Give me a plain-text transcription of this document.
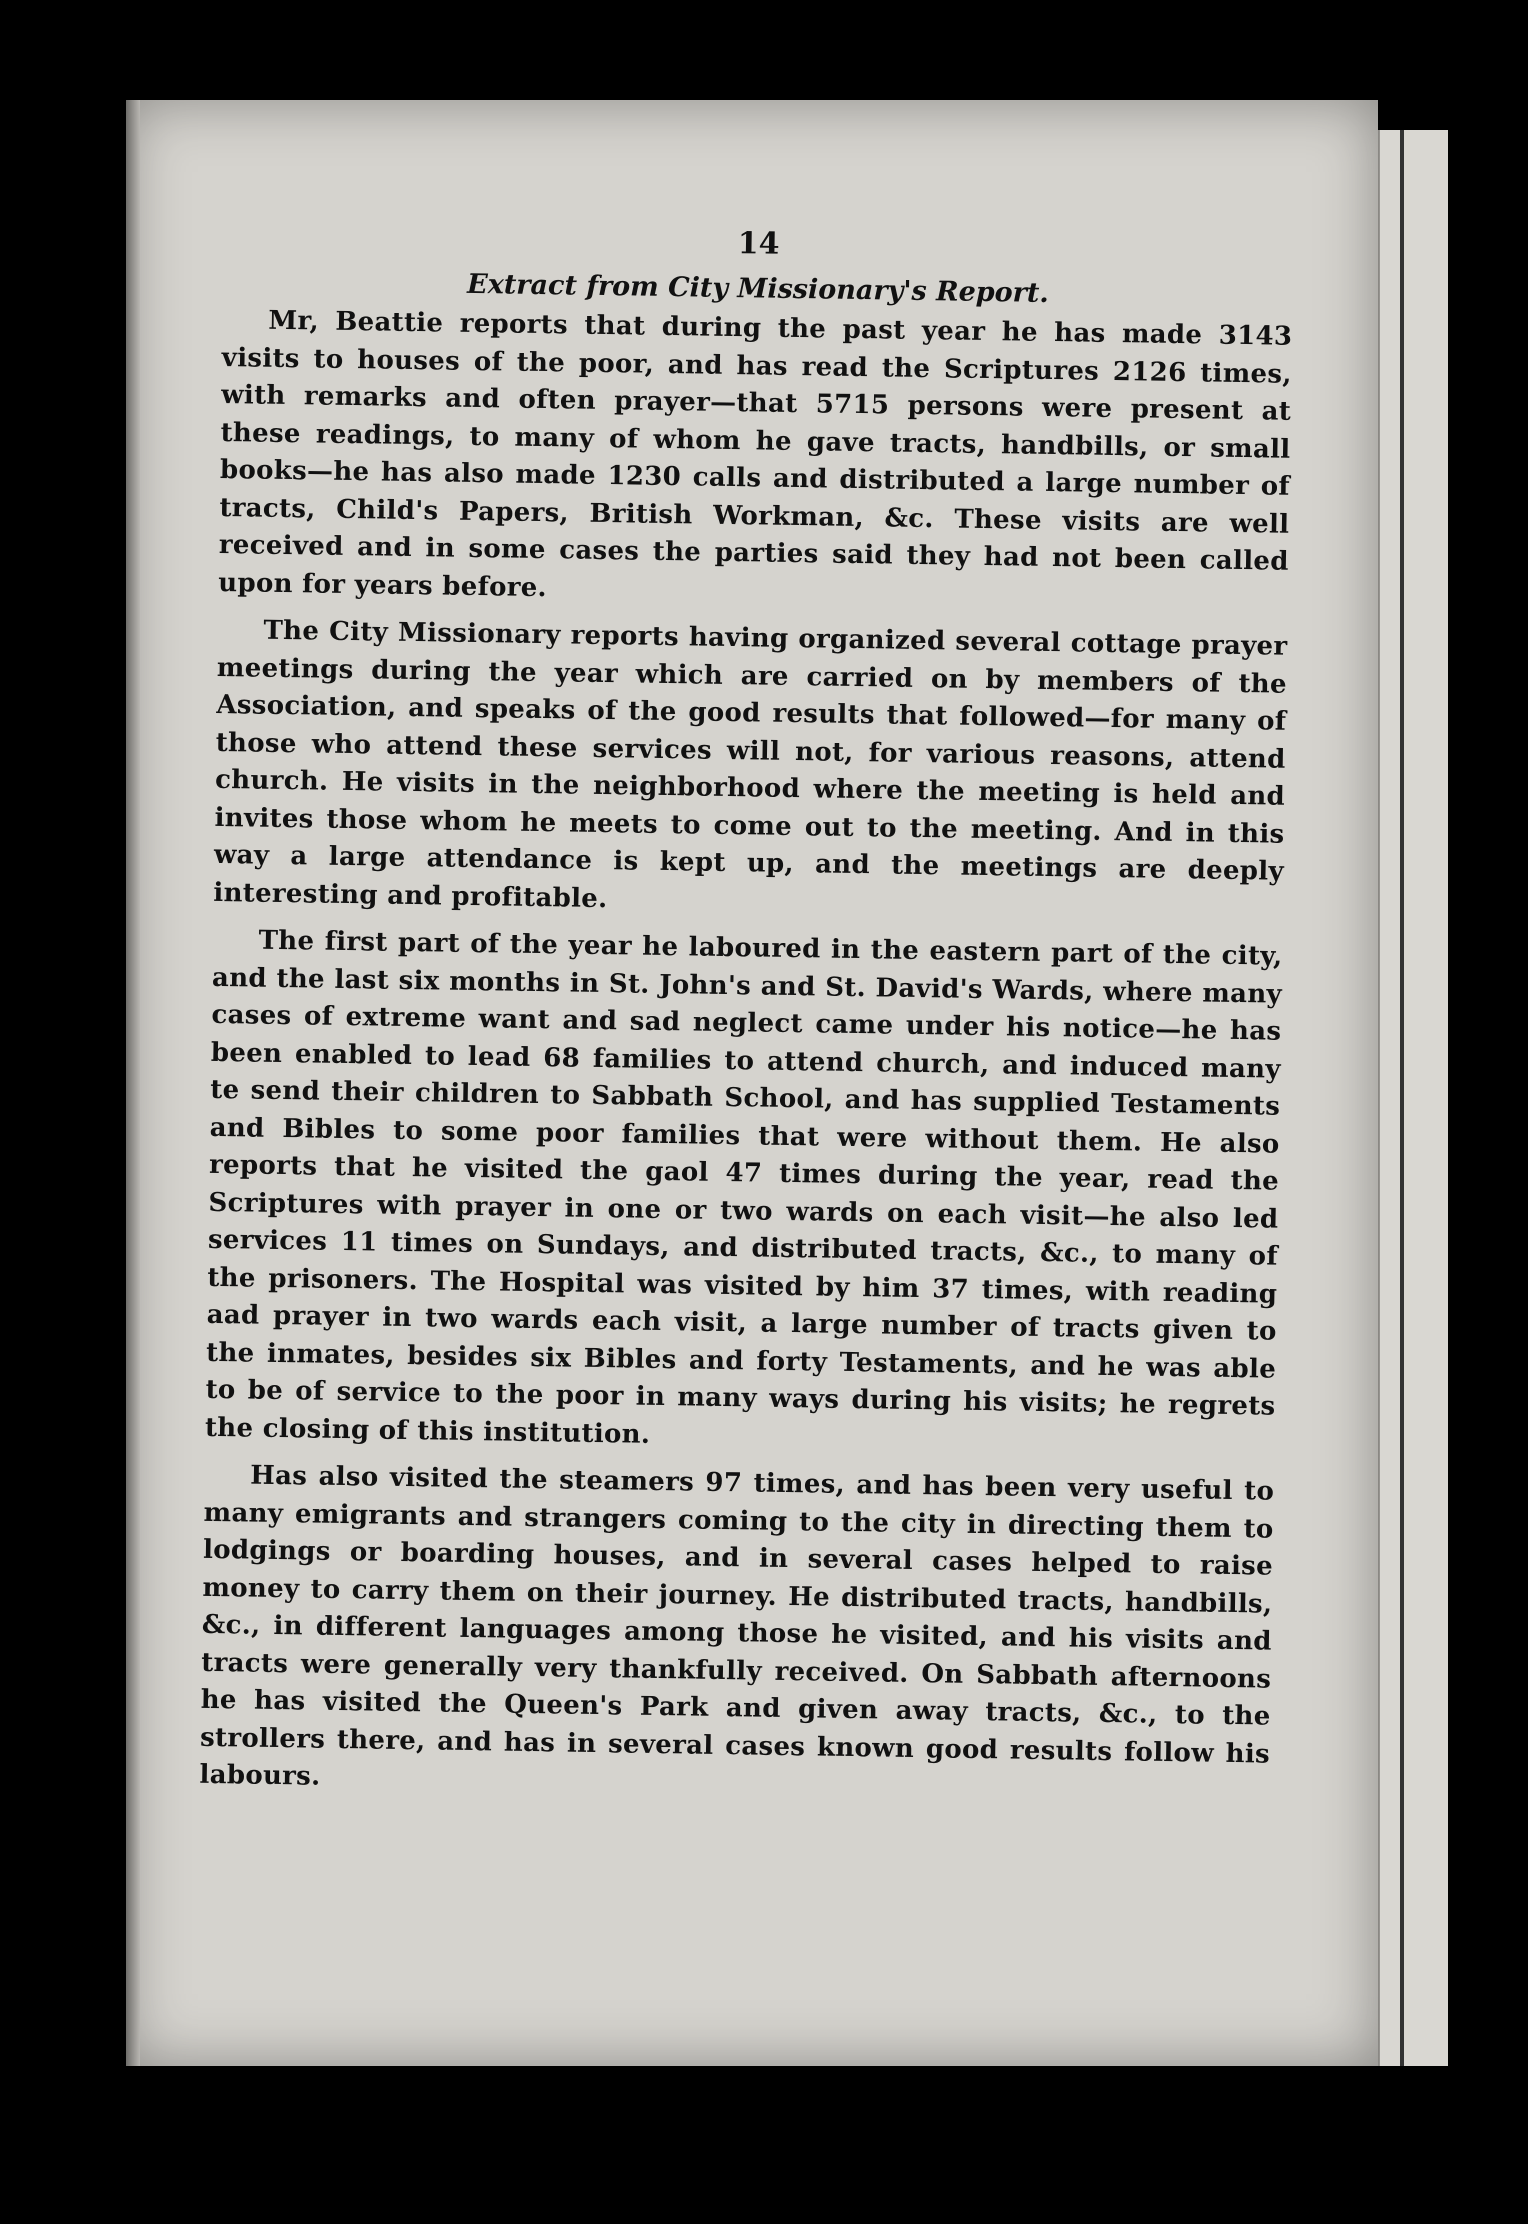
14
Extract from City Missionary's Report.

Mr, Beattie reports that during the past year he has made 3143 visits to houses of the poor, and has read the Scriptures 2126 times, with remarks and often prayer—that 5715 persons were present at these readings, to many of whom he gave tracts, handbills, or small books—he has also made 1230 calls and distributed a large number of tracts, Child's Papers, British Workman, &c. These visits are well received and in some cases the parties said they had not been called upon for years before.

The City Missionary reports having organized several cottage prayer meetings during the year which are carried on by members of the Association, and speaks of the good results that followed—for many of those who attend these services will not, for various reasons, attend church. He visits in the neighborhood where the meeting is held and invites those whom he meets to come out to the meeting. And in this way a large attendance is kept up, and the meetings are deeply interesting and profitable.

The first part of the year he laboured in the eastern part of the city, and the last six months in St. John's and St. David's Wards, where many cases of extreme want and sad neglect came under his notice—he has been enabled to lead 68 families to attend church, and induced many te send their children to Sabbath School, and has supplied Testaments and Bibles to some poor families that were without them. He also reports that he visited the gaol 47 times during the year, read the Scriptures with prayer in one or two wards on each visit—he also led services 11 times on Sundays, and distributed tracts, &c., to many of the prisoners. The Hospital was visited by him 37 times, with reading aad prayer in two wards each visit, a large number of tracts given to the inmates, besides six Bibles and forty Testaments, and he was able to be of service to the poor in many ways during his visits; he regrets the closing of this institution.

Has also visited the steamers 97 times, and has been very useful to many emigrants and strangers coming to the city in directing them to lodgings or boarding houses, and in several cases helped to raise money to carry them on their journey. He distributed tracts, handbills, &c., in different languages among those he visited, and his visits and tracts were generally very thankfully received. On Sabbath afternoons he has visited the Queen's Park and given away tracts, &c., to the strollers there, and has in several cases known good results follow his labours.
